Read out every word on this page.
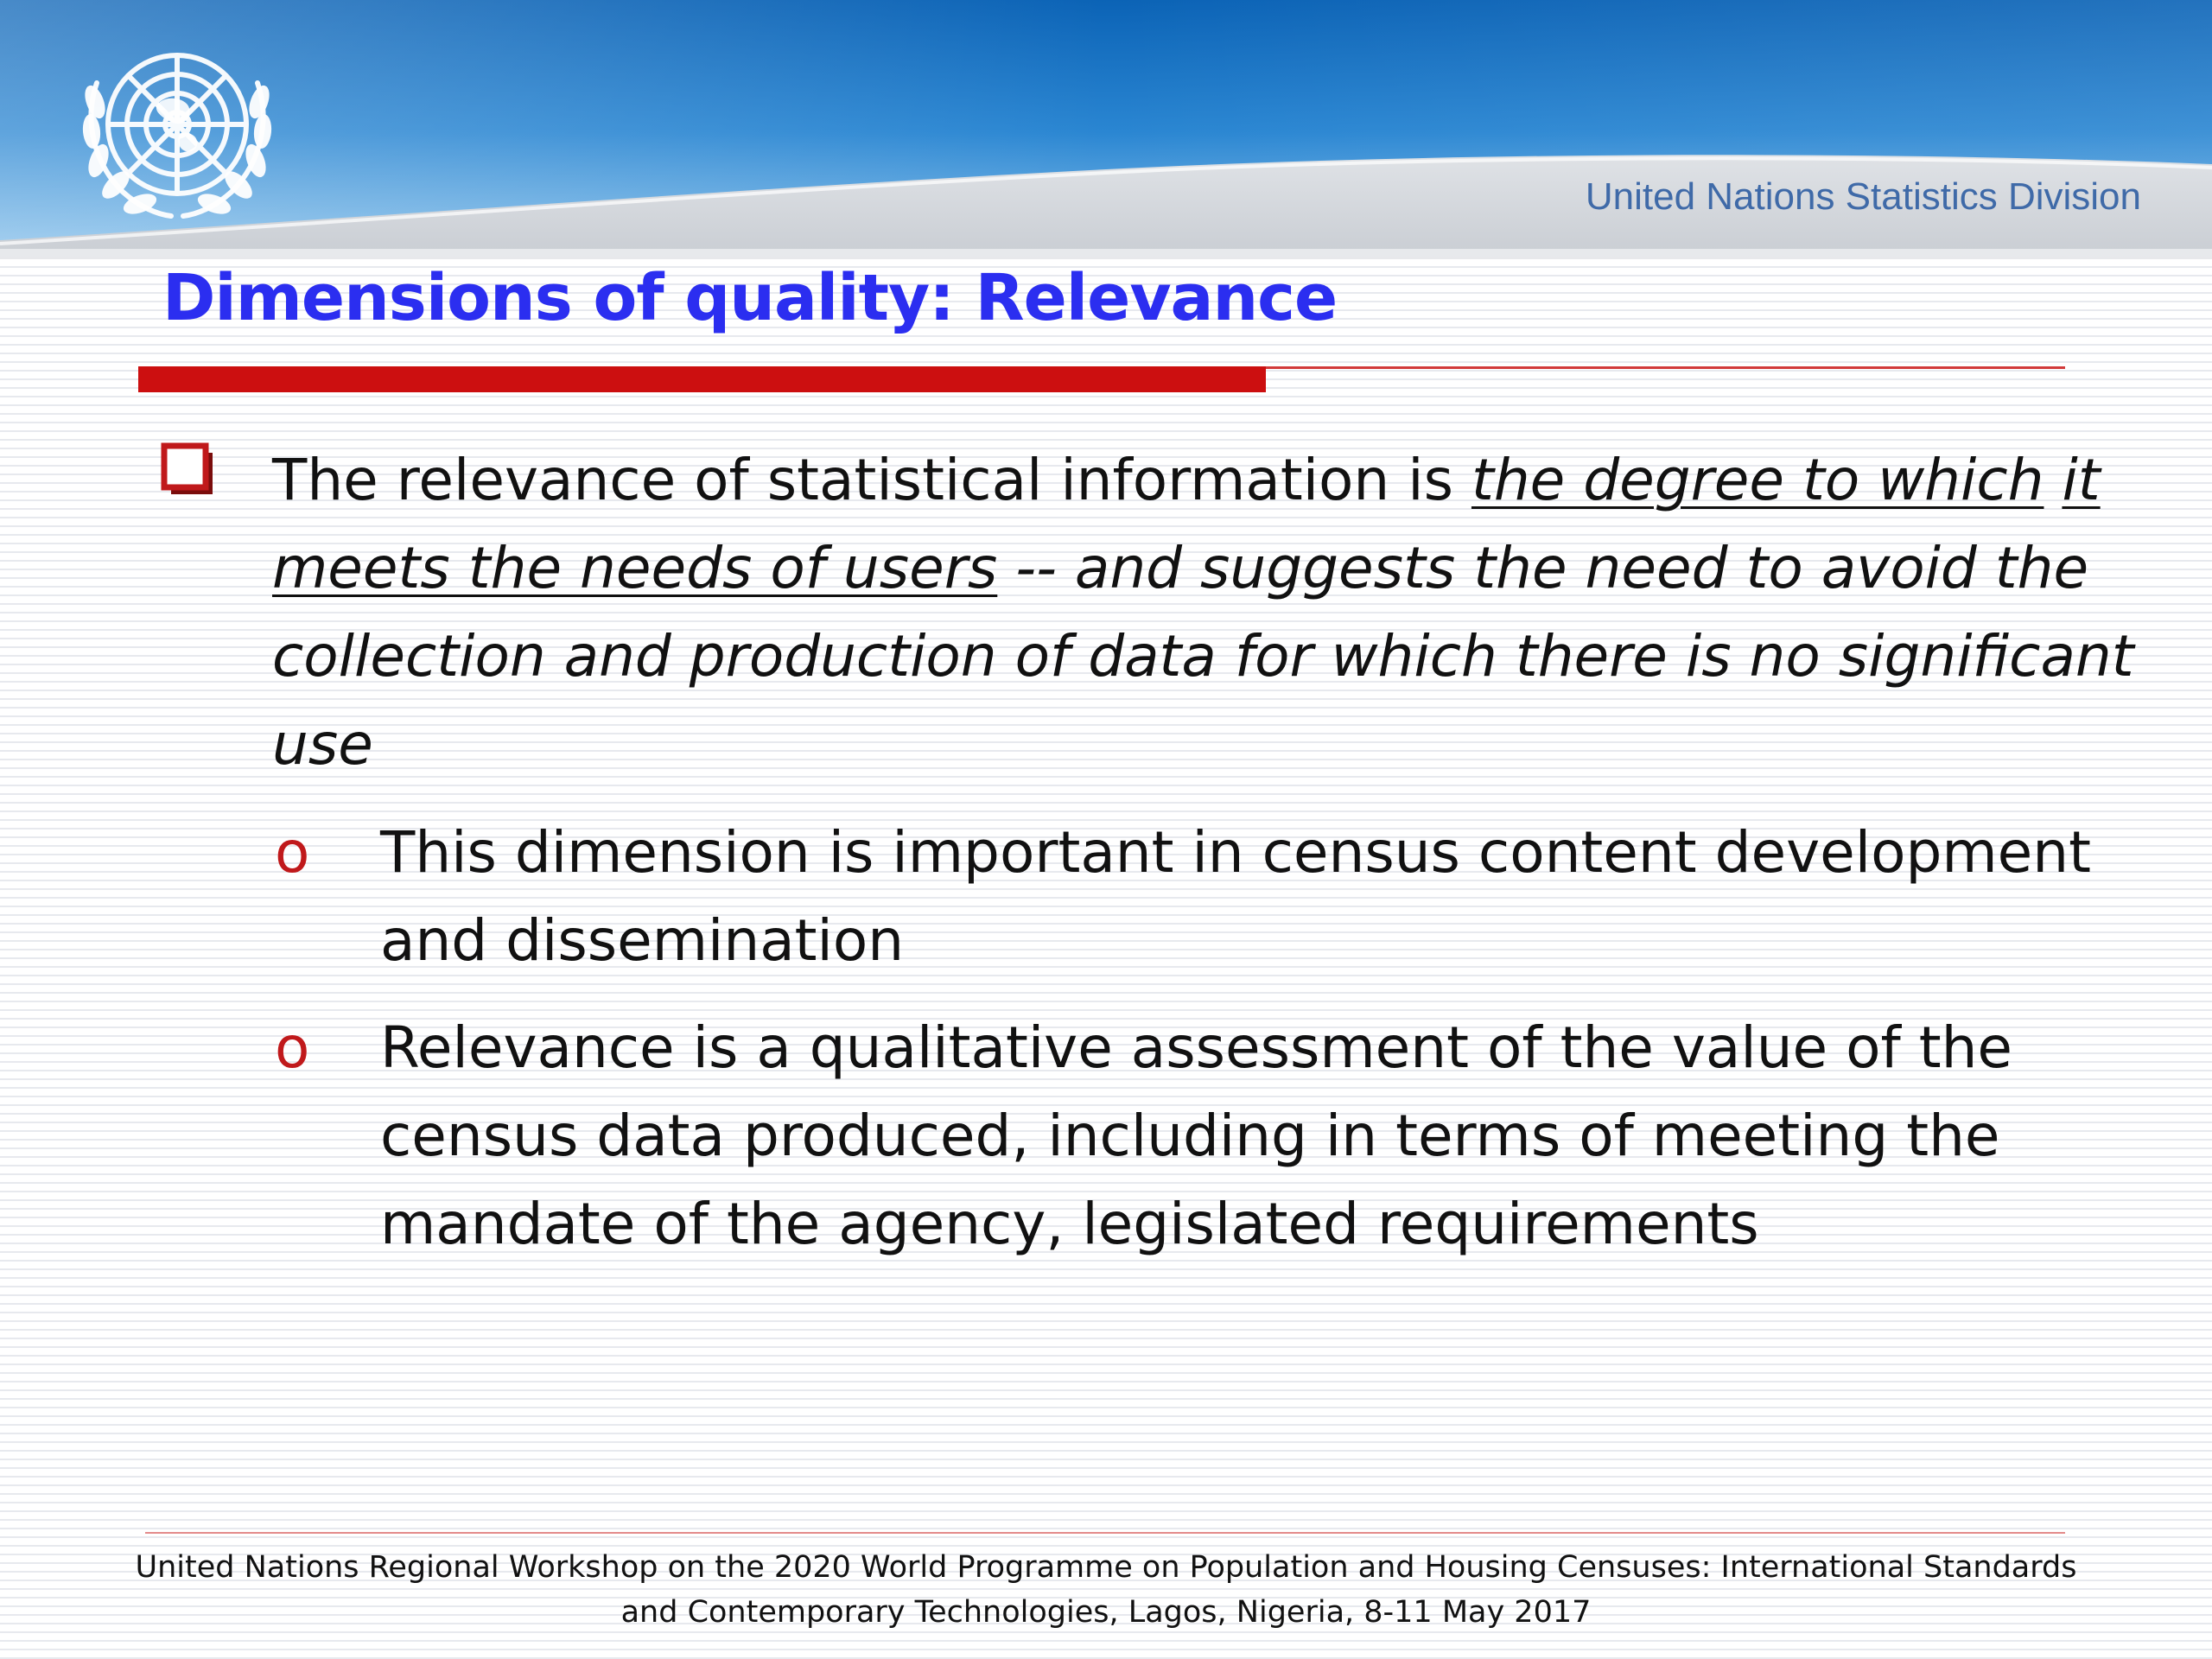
United Nations Statistics Division
Dimensions of quality: Relevance
The relevance of statistical information is the degree to which it meets the needs of users -- and suggests the need to avoid the collection and production of data for which there is no significant use
o This dimension is important in census content development and dissemination
o Relevance is a qualitative assessment of the value of the census data produced, including in terms of meeting the mandate of the agency, legislated requirements
United Nations Regional Workshop on the 2020 World Programme on Population and Housing Censuses: International Standards
and Contemporary Technologies, Lagos, Nigeria, 8-11 May 2017
